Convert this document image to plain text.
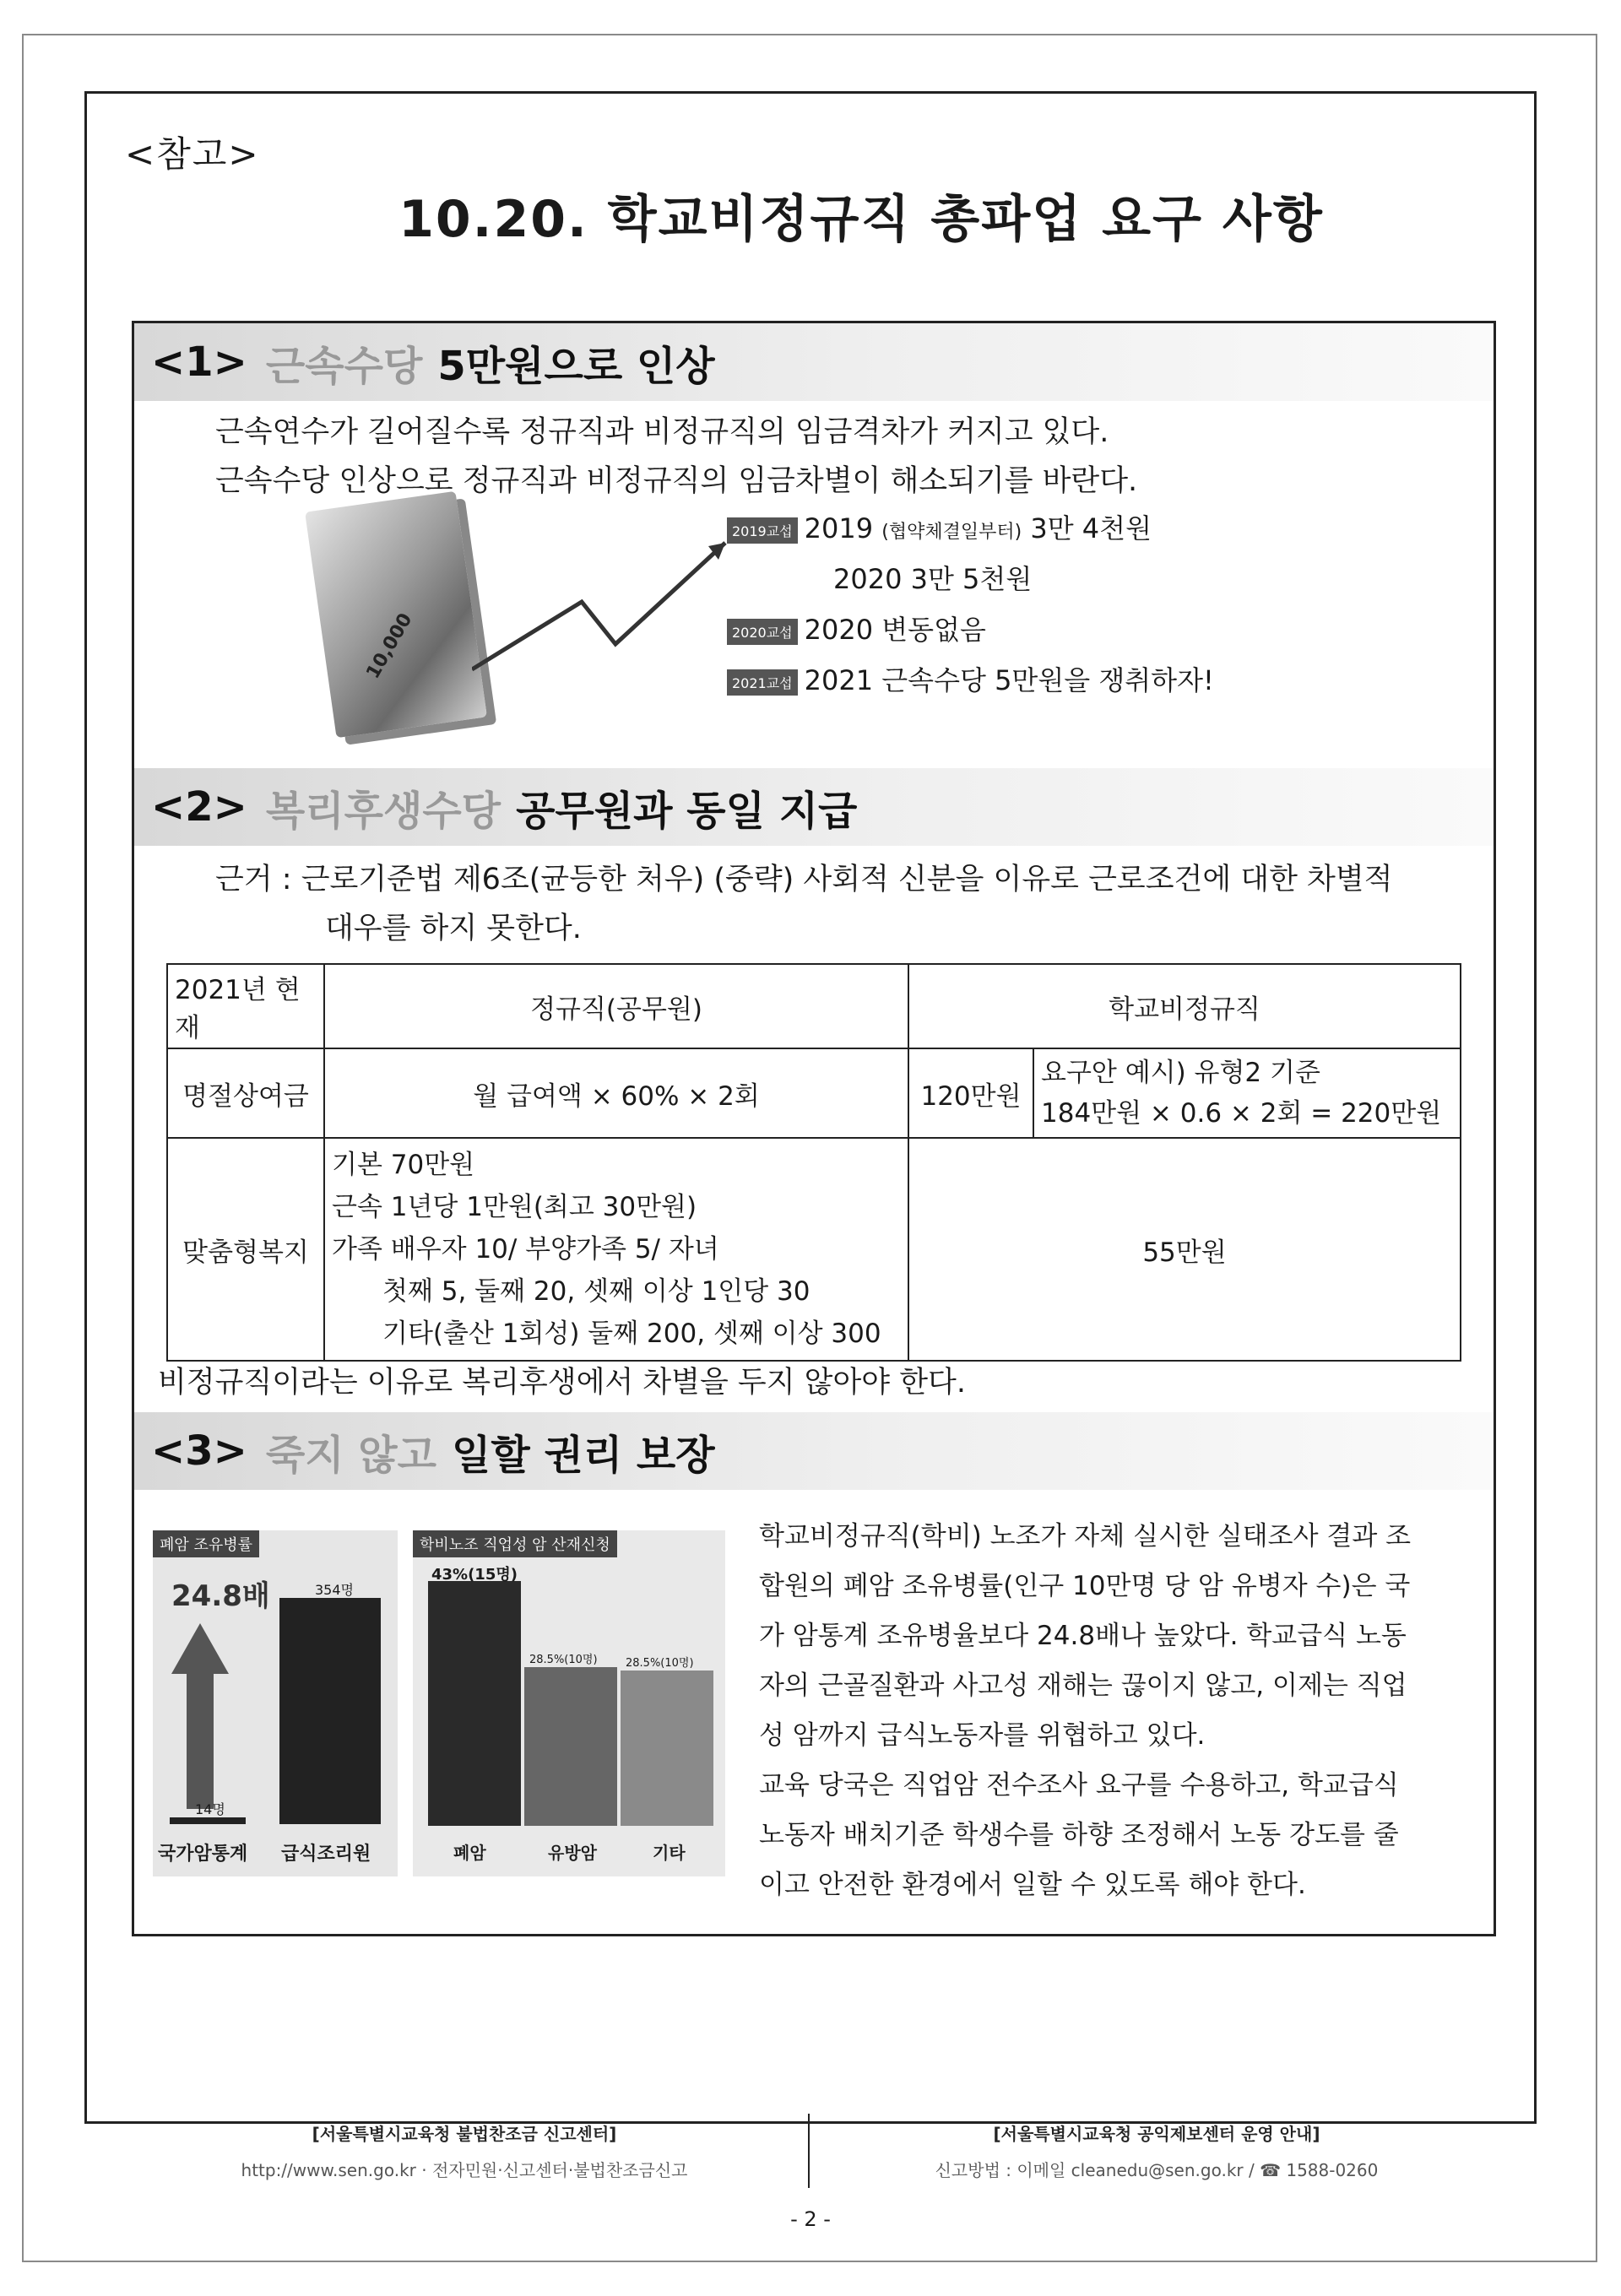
<참고>
10.20. 학교비정규직 총파업 요구 사항
<1> 근속수당 5만원으로 인상
근속연수가 길어질수록 정규직과 비정규직의 임금격차가 커지고 있다.
근속수당 인상으로 정규직과 비정규직의 임금차별이 해소되기를 바란다.
10,000
2019교섭 2019 (협약체결일부터) 3만 4천원
2020 3만 5천원
2020교섭 2020 변동없음
2021교섭 2021 근속수당 5만원을 쟁취하자!
<2> 복리후생수당 공무원과 동일 지급
근거 : 근로기준법 제6조(균등한 처우) (중략) 사회적 신분을 이유로 근로조건에 대한 차별적
대우를 하지 못한다.
2021년 현재	정규직(공무원)	학교비정규직	
명절상여금	월 급여액 × 60% × 2회	120만원	요구안 예시) 유형2 기준
184만원 × 0.6 × 2회 = 220만원

맞춤형복지	기본 70만원
근속 1년당 1만원(최고 30만원)
가족 배우자 10/ 부양가족 5/ 자녀
첫째 5, 둘째 20, 셋째 이상 1인당 30
기타(출산 1회성) 둘째 200, 셋째 이상 300	55만원	
비정규직이라는 이유로 복리후생에서 차별을 두지 않아야 한다.
<3> 죽지 않고 일할 권리 보장
폐암 조유병률
24.8배	354명
14명
국가암통계 급식조리원
학비노조 직업성 암 산재신청
43%(15명)
28.5%(10명)	28.5%(10명)
폐암	유방암	기타
학교비정규직(학비) 노조가 자체 실시한 실태조사 결과 조
합원의 폐암 조유병률(인구 10만명 당 암 유병자 수)은 국
가 암통계 조유병율보다 24.8배나 높았다. 학교급식 노동
자의 근골질환과 사고성 재해는 끊이지 않고, 이제는 직업
성 암까지 급식노동자를 위협하고 있다.
교육 당국은 직업암 전수조사 요구를 수용하고, 학교급식
노동자 배치기준 학생수를 하향 조정해서 노동 강도를 줄
이고 안전한 환경에서 일할 수 있도록 해야 한다.
[서울특별시교육청 불법찬조금 신고센터]
http://www.sen.go.kr · 전자민원·신고센터·불법찬조금신고
[서울특별시교육청 공익제보센터 운영 안내]
신고방법 : 이메일 cleanedu@sen.go.kr / ☎ 1588-0260
- 2 -
